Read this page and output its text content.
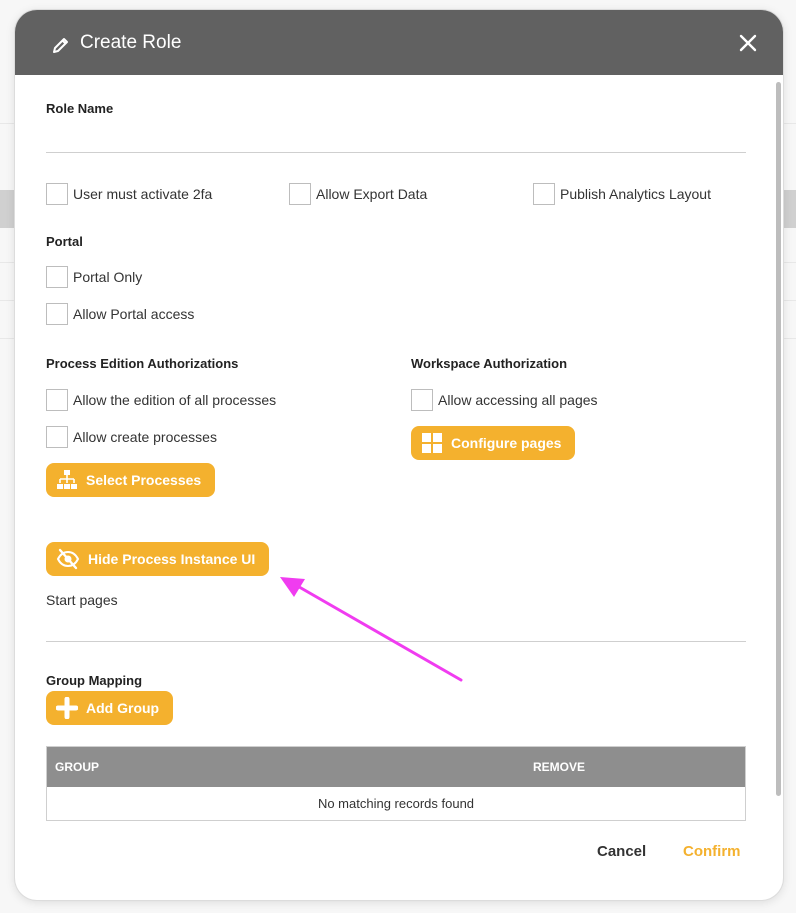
Create Role
Role Name
User must activate 2fa	Allow Export Data	Publish Analytics Layout
Portal
Portal Only
Allow Portal access
Process Edition Authorizations
Allow the edition of all processes
Allow create processes
Select Processes
Workspace Authorization
Allow accessing all pages
Configure pages
Hide Process Instance UI
Start pages
Group Mapping
Add Group
GROUP	REMOVE
No matching records found
Cancel Confirm
